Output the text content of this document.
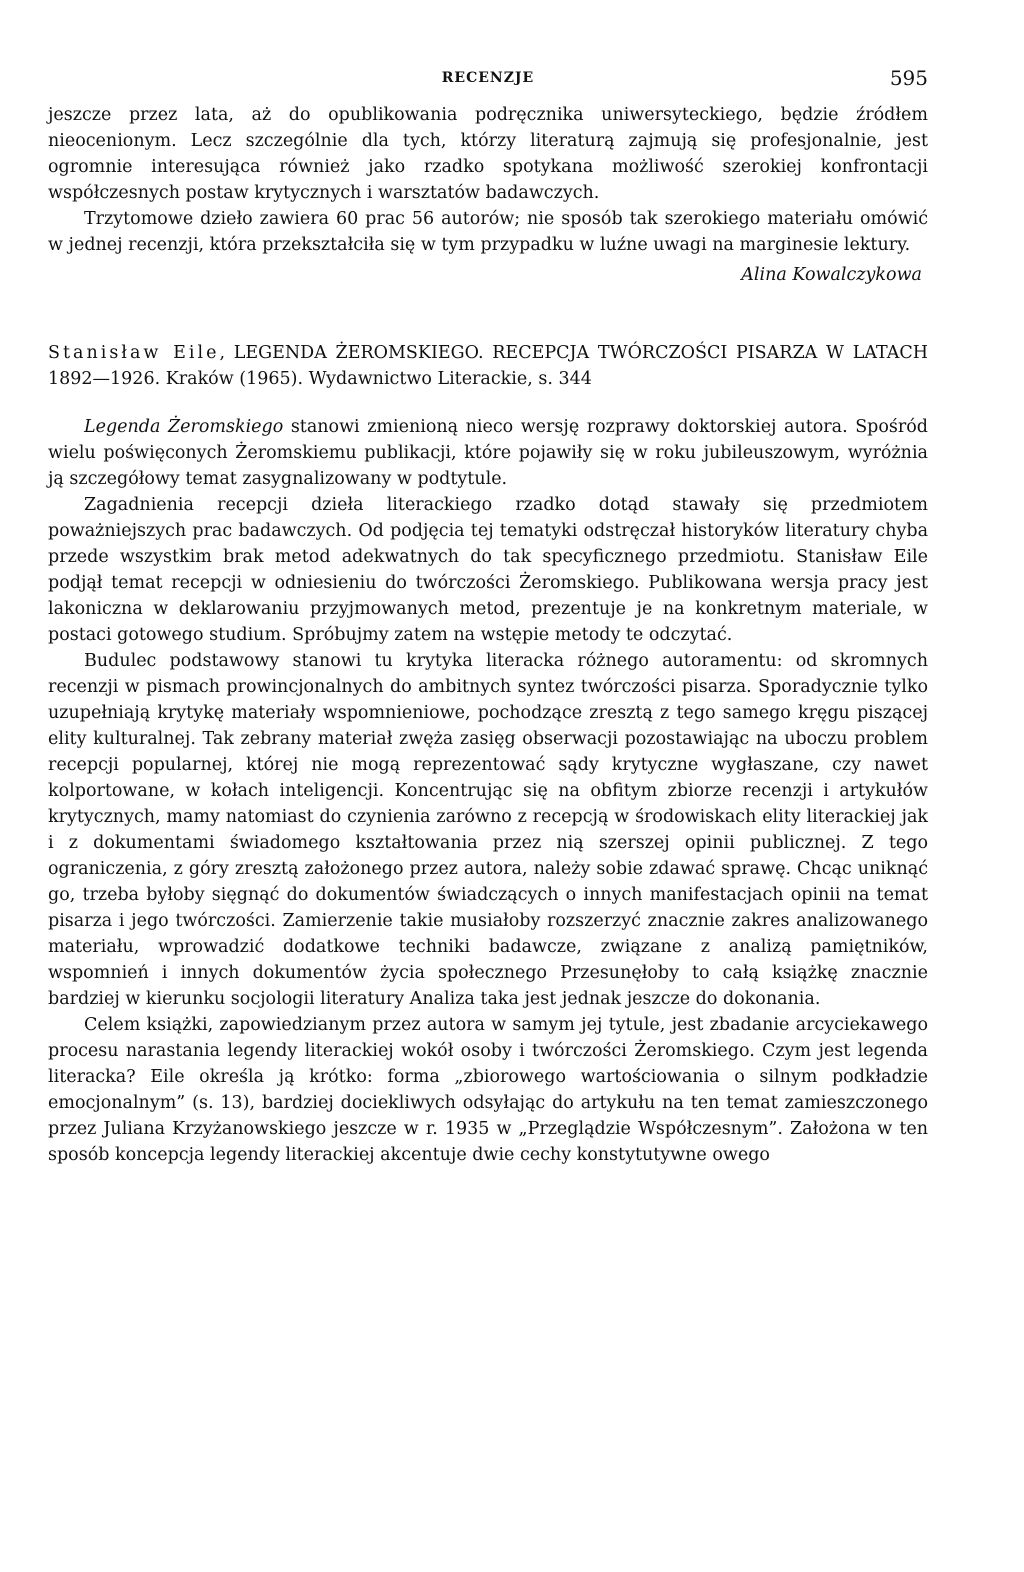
RECENZJE	595

jeszcze przez lata, aż do opublikowania podręcznika uniwersyteckiego, będzie źródłem nieocenionym. Lecz szczególnie dla tych, którzy literaturą zajmują się profesjonalnie, jest ogromnie interesująca również jako rzadko spotykana możliwość szerokiej konfrontacji współczesnych postaw krytycznych i warsztatów badawczych.

Trzytomowe dzieło zawiera 60 prac 56 autorów; nie sposób tak szerokiego materiału omówić w jednej recenzji, która przekształciła się w tym przypadku w luźne uwagi na marginesie lektury.

Alina Kowalczykowa
Stanisław Eile, LEGENDA ŻEROMSKIEGO. RECEPCJA TWÓRCZOŚCI PISARZA W LATACH 1892—1926. Kraków (1965). Wydawnictwo Literackie, s. 344

Legenda Żeromskiego stanowi zmienioną nieco wersję rozprawy doktorskiej autora. Spośród wielu poświęconych Żeromskiemu publikacji, które pojawiły się w roku jubileuszowym, wyróżnia ją szczegółowy temat zasygnalizowany w podtytule.

Zagadnienia recepcji dzieła literackiego rzadko dotąd stawały się przedmiotem poważniejszych prac badawczych. Od podjęcia tej tematyki odstręczał historyków literatury chyba przede wszystkim brak metod adekwatnych do tak specyficznego przedmiotu. Stanisław Eile podjął temat recepcji w odniesieniu do twórczości Żeromskiego. Publikowana wersja pracy jest lakoniczna w deklarowaniu przyjmowanych metod, prezentuje je na konkretnym materiale, w postaci gotowego studium. Spróbujmy zatem na wstępie metody te odczytać.

Budulec podstawowy stanowi tu krytyka literacka różnego autoramentu: od skromnych recenzji w pismach prowincjonalnych do ambitnych syntez twórczości pisarza. Sporadycznie tylko uzupełniają krytykę materiały wspomnieniowe, pochodzące zresztą z tego samego kręgu piszącej elity kulturalnej. Tak zebrany materiał zwęża zasięg obserwacji pozostawiając na uboczu problem recepcji popularnej, której nie mogą reprezentować sądy krytyczne wygłaszane, czy nawet kolportowane, w kołach inteligencji. Koncentrując się na obfitym zbiorze recenzji i artykułów krytycznych, mamy natomiast do czynienia zarówno z recepcją w środowiskach elity literackiej jak i z dokumentami świadomego kształtowania przez nią szerszej opinii publicznej. Z tego ograniczenia, z góry zresztą założonego przez autora, należy sobie zdawać sprawę. Chcąc uniknąć go, trzeba byłoby sięgnąć do dokumentów świadczących o innych manifestacjach opinii na temat pisarza i jego twórczości. Zamierzenie takie musiałoby rozszerzyć znacznie zakres analizowanego materiału, wprowadzić dodatkowe techniki badawcze, związane z analizą pamiętników, wspomnień i innych dokumentów życia społecznego Przesunęłoby to całą książkę znacznie bardziej w kierunku socjologii literatury Analiza taka jest jednak jeszcze do dokonania.

Celem książki, zapowiedzianym przez autora w samym jej tytule, jest zbadanie arcyciekawego procesu narastania legendy literackiej wokół osoby i twórczości Żeromskiego. Czym jest legenda literacka? Eile określa ją krótko: forma „zbiorowego wartościowania o silnym podkładzie emocjonalnym” (s. 13), bardziej dociekliwych odsyłając do artykułu na ten temat zamieszczonego przez Juliana Krzyżanowskiego jeszcze w r. 1935 w „Przeglądzie Współczesnym”. Założona w ten sposób koncepcja legendy literackiej akcentuje dwie cechy konstytutywne owego
